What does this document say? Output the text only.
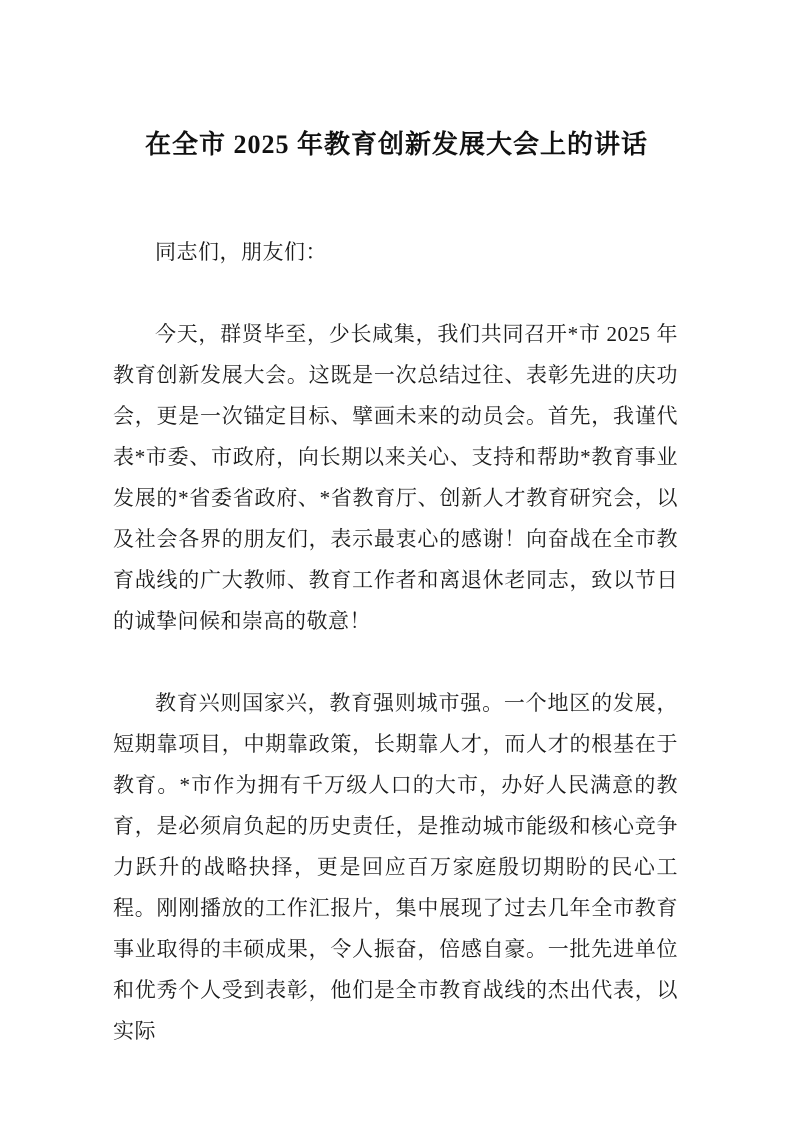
在全市 2025 年教育创新发展大会上的讲话

同志们，朋友们：

今天，群贤毕至，少长咸集，我们共同召开*市 2025 年教育创新发展大会。这既是一次总结过往、表彰先进的庆功会，更是一次锚定目标、擘画未来的动员会。首先，我谨代表*市委、市政府，向长期以来关心、支持和帮助*教育事业发展的*省委省政府、*省教育厅、创新人才教育研究会，以及社会各界的朋友们，表示最衷心的感谢！向奋战在全市教育战线的广大教师、教育工作者和离退休老同志，致以节日的诚挚问候和崇高的敬意！

教育兴则国家兴，教育强则城市强。一个地区的发展，短期靠项目，中期靠政策，长期靠人才，而人才的根基在于教育。*市作为拥有千万级人口的大市，办好人民满意的教育，是必须肩负起的历史责任，是推动城市能级和核心竞争力跃升的战略抉择，更是回应百万家庭殷切期盼的民心工程。刚刚播放的工作汇报片，集中展现了过去几年全市教育事业取得的丰硕成果，令人振奋，倍感自豪。一批先进单位和优秀个人受到表彰，他们是全市教育战线的杰出代表，以实际
